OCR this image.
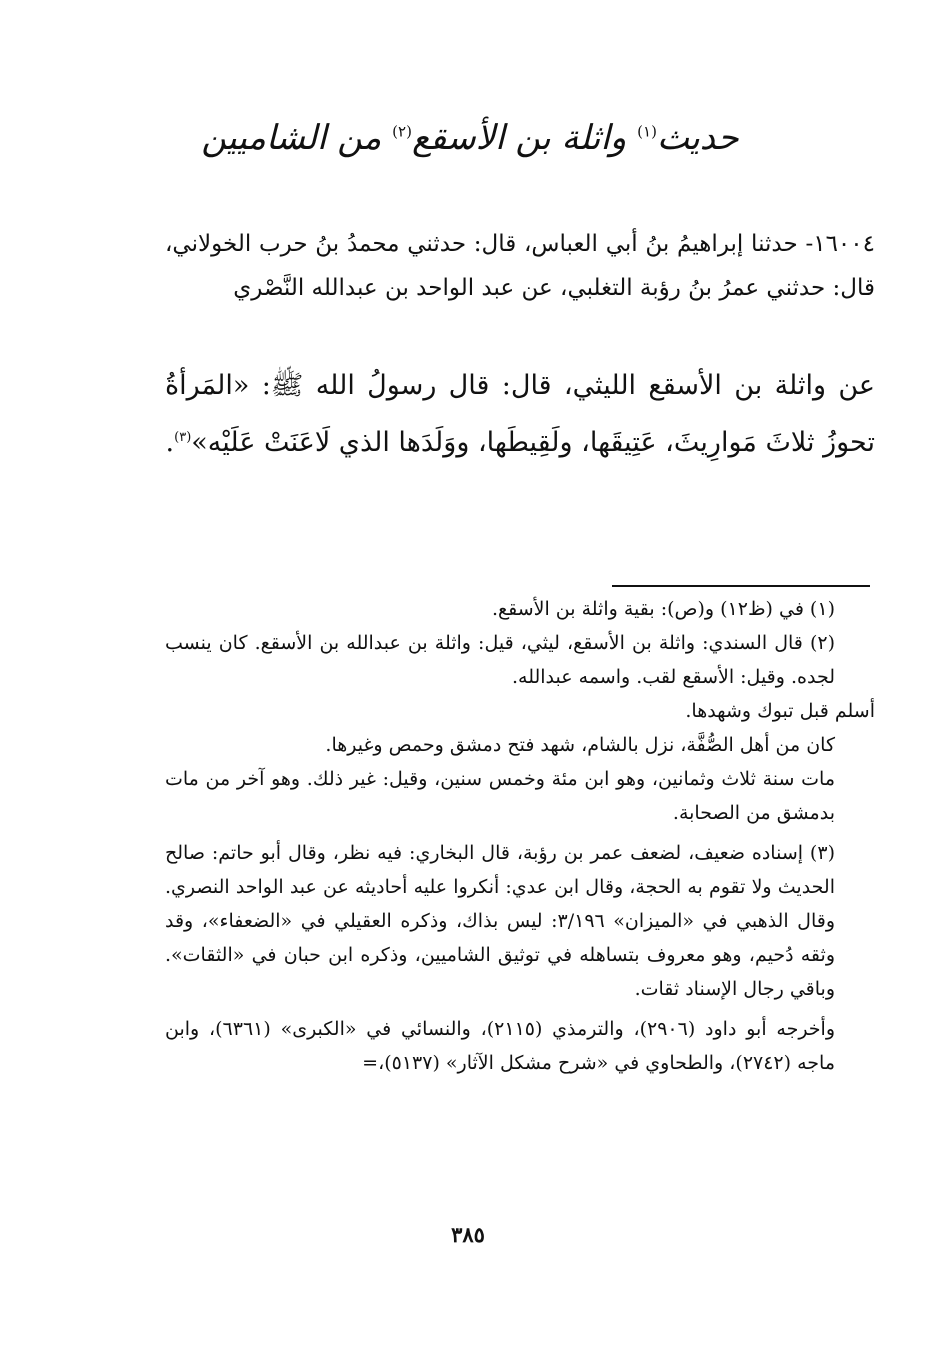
حديث$^{(١)}$ واثلة بن الأسقع$^{(٢)}$ من الشاميين
١٦٠٠٤- حدثنا إبراهيمُ بنُ أبي العباس، قال: حدثني محمدُ بنُ حرب الخولاني، قال: حدثني عمرُ بنُ رؤبة التغلبي، عن عبد الواحد بن عبدالله النَّصْري
عن واثلة بن الأسقع الليثي، قال: قال رسولُ الله ﷺ: «المَرأةُ تحوزُ ثلاثَ مَوارِيثَ، عَتِيقَها، ولَقِيطَها، ووَلَدَها الذي لَاعَنَتْ عَلَيْه»$^{(٣)}$.

(١) في (ظ١٢) و(ص): بقية واثلة بن الأسقع.

(٢) قال السندي: واثلة بن الأسقع، ليثي، قيل: واثلة بن عبدالله بن الأسقع. كان ينسب لجده. وقيل: الأسقع لقب. واسمه عبدالله.

أسلم قبل تبوك وشهدها.

كان من أهل الصُّفَّة، نزل بالشام، شهد فتح دمشق وحمص وغيرها.

مات سنة ثلاث وثمانين، وهو ابن مئة وخمس سنين، وقيل: غير ذلك. وهو آخر من مات بدمشق من الصحابة.

(٣) إسناده ضعيف، لضعف عمر بن رؤبة، قال البخاري: فيه نظر، وقال أبو حاتم: صالح الحديث ولا تقوم به الحجة، وقال ابن عدي: أنكروا عليه أحاديثه عن عبد الواحد النصري. وقال الذهبي في «الميزان» ٣/١٩٦: ليس بذاك، وذكره العقيلي في «الضعفاء»، وقد وثقه دُحيم، وهو معروف بتساهله في توثيق الشاميين، وذكره ابن حبان في «الثقات». وباقي رجال الإسناد ثقات.

وأخرجه أبو داود (٢٩٠٦)، والترمذي (٢١١٥)، والنسائي في «الكبرى» (٦٣٦١)، وابن ماجه (٢٧٤٢)، والطحاوي في «شرح مشكل الآثار» (٥١٣٧)،=

٣٨٥
